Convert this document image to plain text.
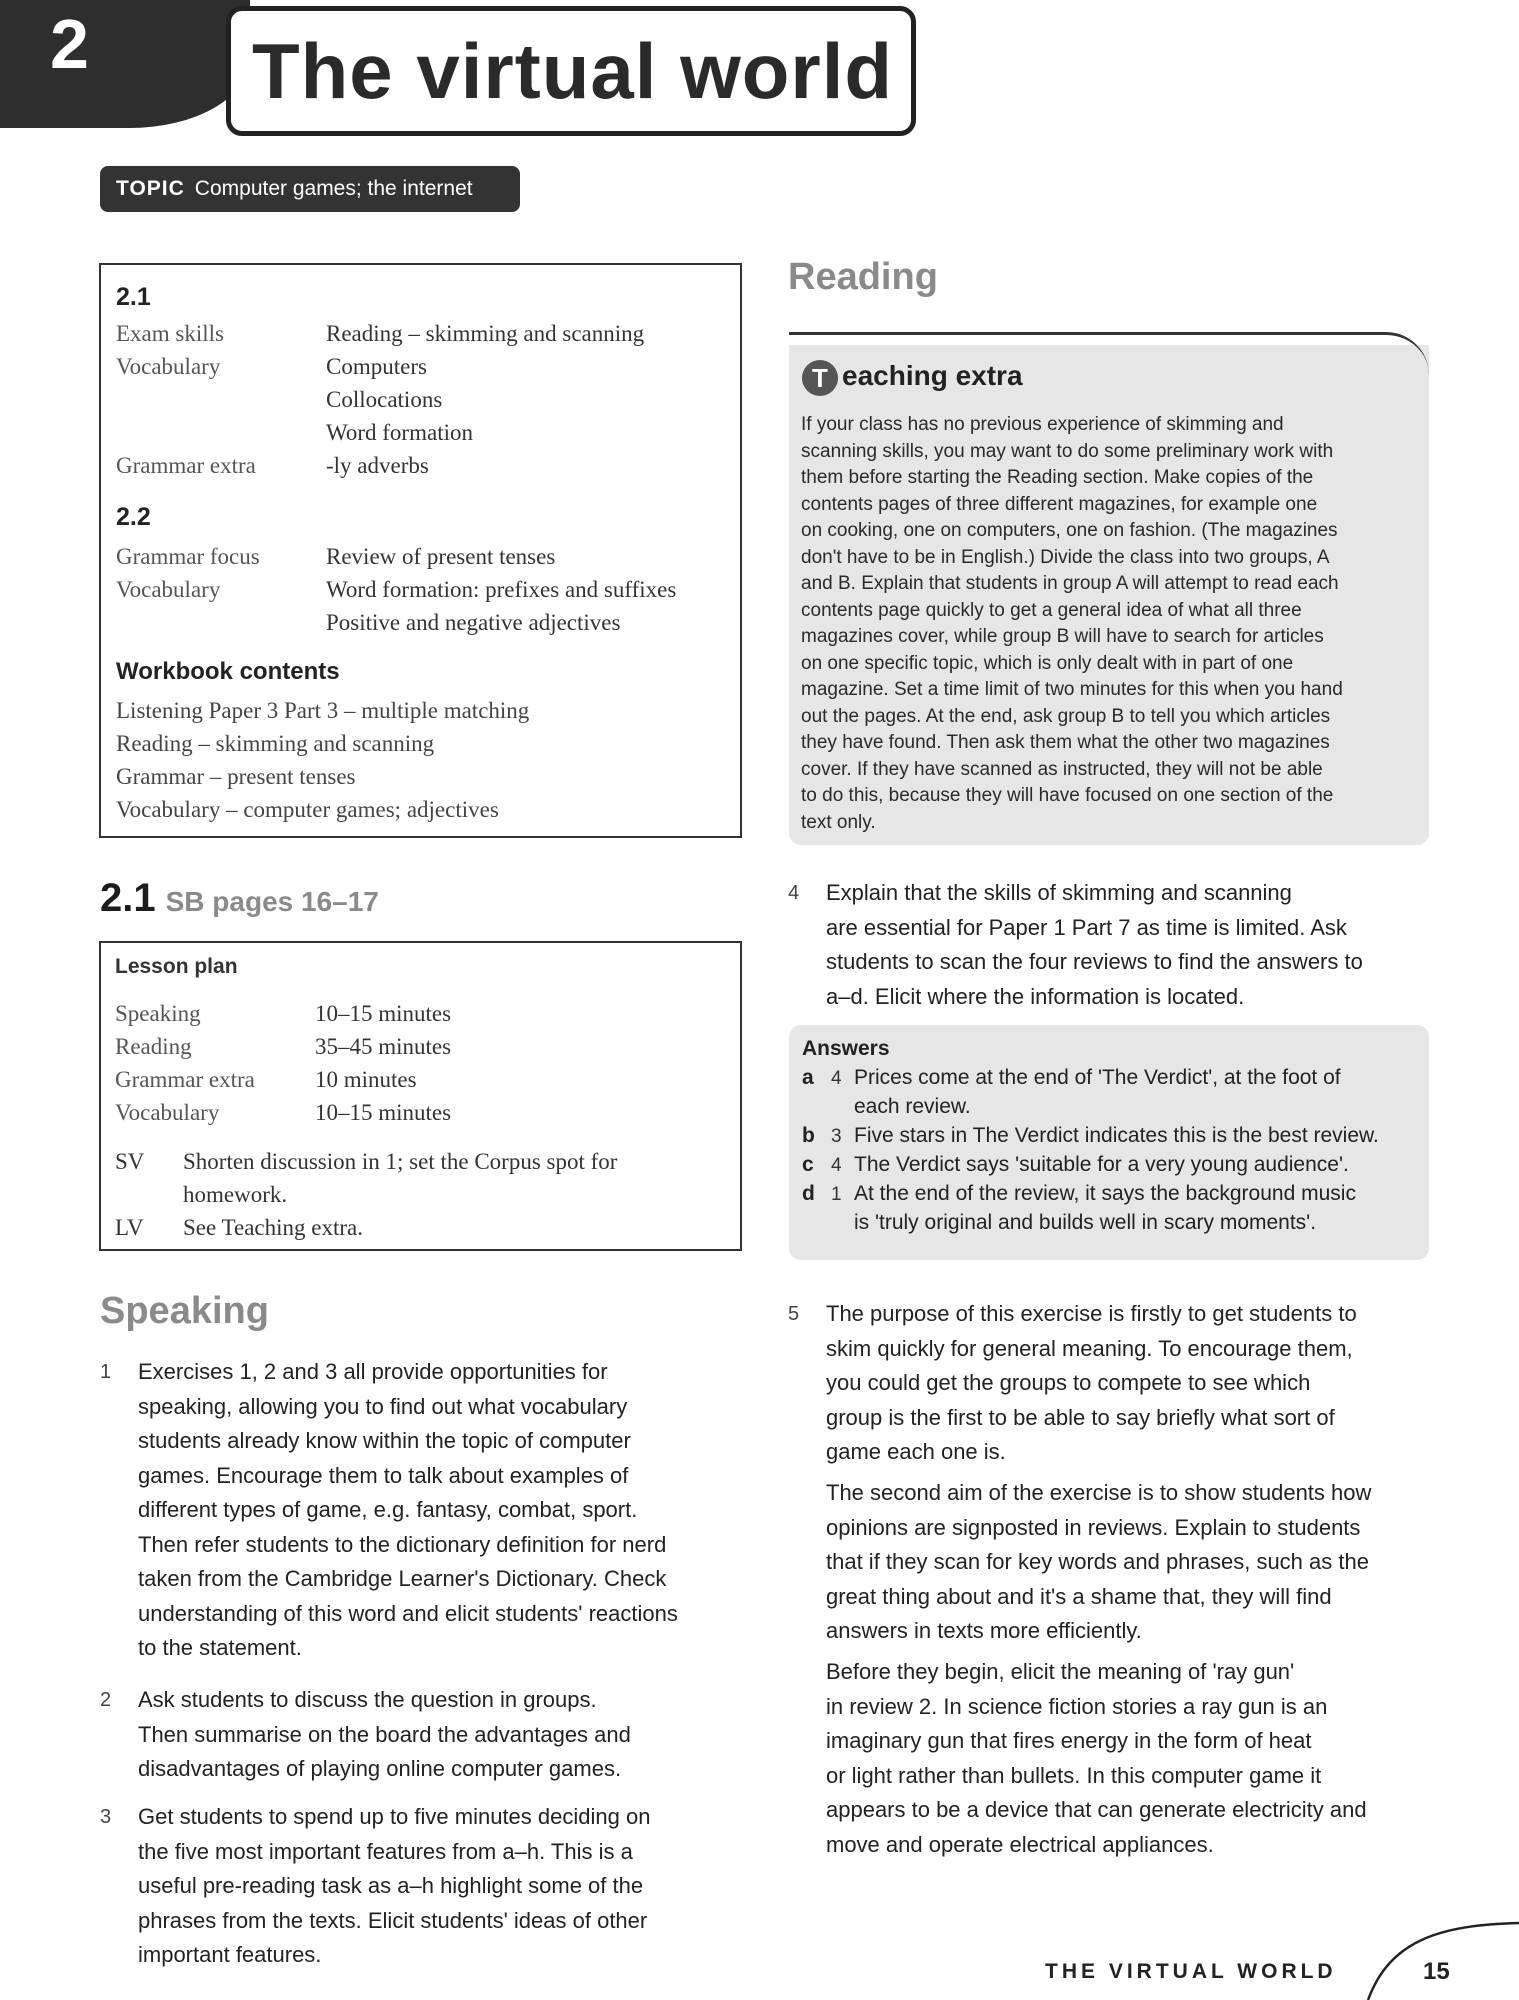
2 The virtual world
TOPIC Computer games; the internet
2.1
2.2
Workbook contents
Exam skills	Reading – skimming and scanning
Vocabulary	Computers
Collocations
Word formation
Grammar extra	-ly adverbs
Grammar focus	Review of present tenses
Vocabulary	Word formation: prefixes and suffixes
Positive and negative adjectives
Listening Paper 3 Part 3 – multiple matching
Reading – skimming and scanning
Grammar – present tenses
Vocabulary – computer games; adjectives
2.1 SB pages 16–17
Lesson plan
Speaking	10–15 minutes
Reading	35–45 minutes
Grammar extra	10 minutes
Vocabulary	10–15 minutes
SV Shorten discussion in 1; set the Corpus spot for
homework.
LV See Teaching extra.
Speaking
1 Exercises 1, 2 and 3 all provide opportunities for
speaking, allowing you to find out what vocabulary
students already know within the topic of computer
games. Encourage them to talk about examples of
different types of game, e.g. fantasy, combat, sport.
Then refer students to the dictionary definition for nerd
taken from the Cambridge Learner's Dictionary. Check
understanding of this word and elicit students' reactions
to the statement.
2 Ask students to discuss the question in groups.
Then summarise on the board the advantages and
disadvantages of playing online computer games.
3 Get students to spend up to five minutes deciding on
the five most important features from a–h. This is a
useful pre-reading task as a–h highlight some of the
phrases from the texts. Elicit students' ideas of other
important features.
Reading
T eaching extra
If your class has no previous experience of skimming and
scanning skills, you may want to do some preliminary work with
them before starting the Reading section. Make copies of the
contents pages of three different magazines, for example one
on cooking, one on computers, one on fashion. (The magazines
don't have to be in English.) Divide the class into two groups, A
and B. Explain that students in group A will attempt to read each
contents page quickly to get a general idea of what all three
magazines cover, while group B will have to search for articles
on one specific topic, which is only dealt with in part of one
magazine. Set a time limit of two minutes for this when you hand
out the pages. At the end, ask group B to tell you which articles
they have found. Then ask them what the other two magazines
cover. If they have scanned as instructed, they will not be able
to do this, because they will have focused on one section of the
text only.
4 Explain that the skills of skimming and scanning
are essential for Paper 1 Part 7 as time is limited. Ask
students to scan the four reviews to find the answers to
a–d. Elicit where the information is located.
Answers
a 4 Prices come at the end of 'The Verdict', at the foot of
each review.
b 3 Five stars in The Verdict indicates this is the best review.
c 4 The Verdict says 'suitable for a very young audience'.
d 1 At the end of the review, it says the background music
is 'truly original and builds well in scary moments'.
5 The purpose of this exercise is firstly to get students to
skim quickly for general meaning. To encourage them,
you could get the groups to compete to see which
group is the first to be able to say briefly what sort of
game each one is.
The second aim of the exercise is to show students how
opinions are signposted in reviews. Explain to students
that if they scan for key words and phrases, such as the
great thing about and it's a shame that, they will find
answers in texts more efficiently.
Before they begin, elicit the meaning of 'ray gun'
in review 2. In science fiction stories a ray gun is an
imaginary gun that fires energy in the form of heat
or light rather than bullets. In this computer game it
appears to be a device that can generate electricity and
move and operate electrical appliances.
THE VIRTUAL WORLD	15
